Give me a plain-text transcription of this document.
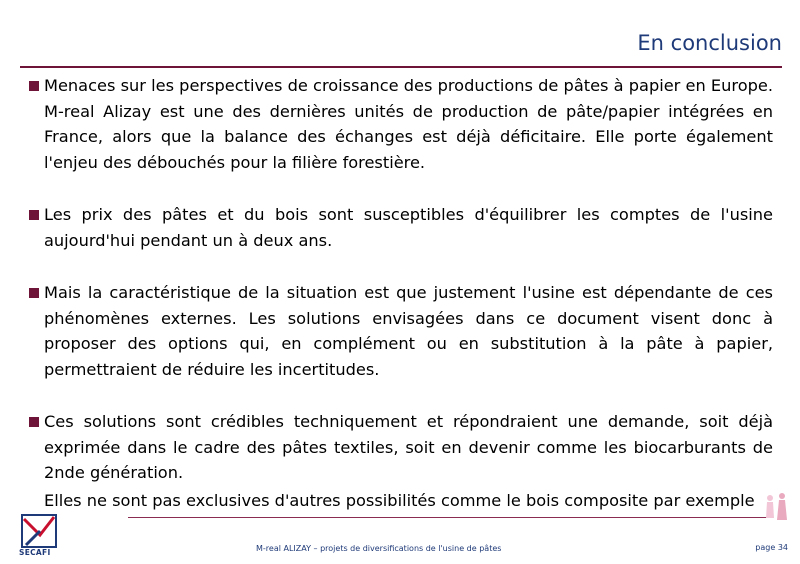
En conclusion
Menaces sur les perspectives de croissance des productions de pâtes à papier en Europe. M-real Alizay est une des dernières unités de production de pâte/papier intégrées en France, alors que la balance des échanges est déjà déficitaire. Elle porte également l'enjeu des débouchés pour la filière forestière.
Les prix des pâtes et du bois sont susceptibles d'équilibrer les comptes de l'usine aujourd'hui pendant un à deux ans.
Mais la caractéristique de la situation est que justement l'usine est dépendante de ces phénomènes externes. Les solutions envisagées dans ce document visent donc à proposer des options qui, en complément ou en substitution à la pâte à papier, permettraient de réduire les incertitudes.
Ces solutions sont crédibles techniquement et répondraient une demande, soit déjà exprimée dans le cadre des pâtes textiles, soit en devenir comme les biocarburants de 2nde génération.
Elles ne sont pas exclusives d'autres possibilités comme le bois composite par exemple
SECAFI	M-real ALIZAY – projets de diversifications de l'usine de pâtes	page 34
